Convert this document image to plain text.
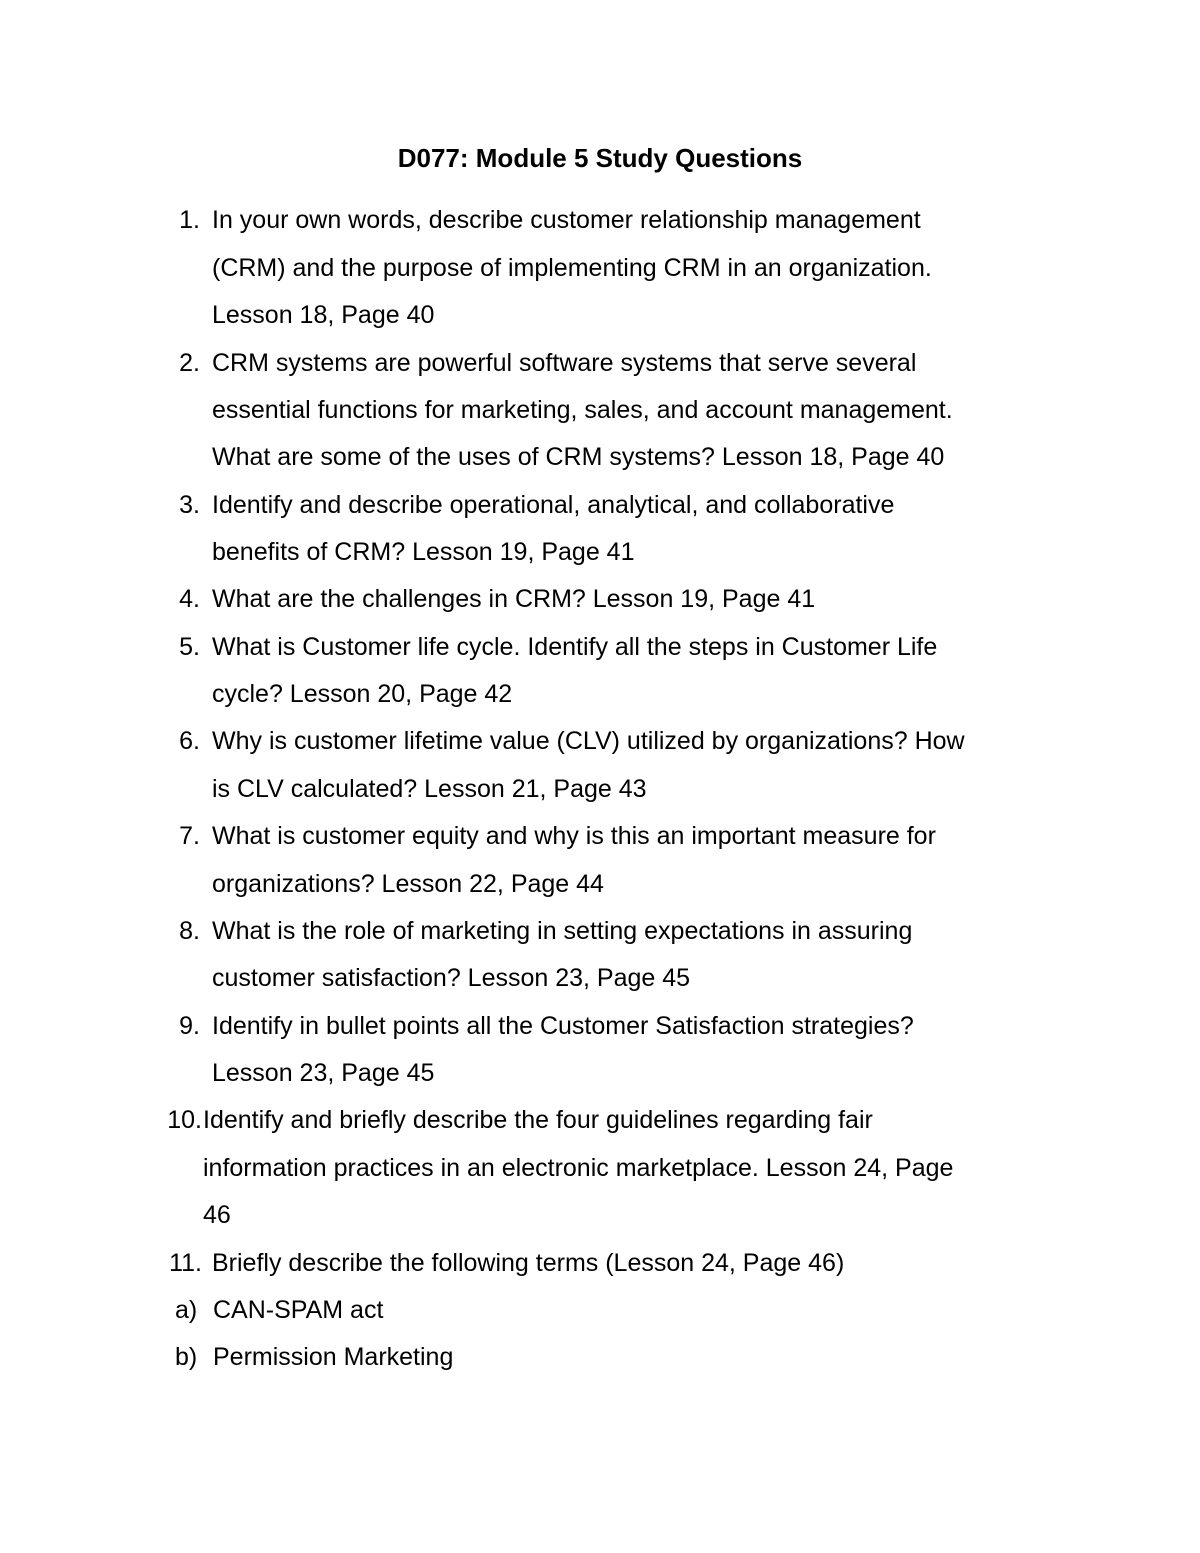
D077: Module 5 Study Questions
1. In your own words, describe customer relationship management
(CRM) and the purpose of implementing CRM in an organization.
Lesson 18, Page 40
2. CRM systems are powerful software systems that serve several
essential functions for marketing, sales, and account management.
What are some of the uses of CRM systems? Lesson 18, Page 40
3. Identify and describe operational, analytical, and collaborative
benefits of CRM? Lesson 19, Page 41
4. What are the challenges in CRM? Lesson 19, Page 41
5. What is Customer life cycle. Identify all the steps in Customer Life
cycle? Lesson 20, Page 42
6. Why is customer lifetime value (CLV) utilized by organizations? How
is CLV calculated? Lesson 21, Page 43
7. What is customer equity and why is this an important measure for
organizations? Lesson 22, Page 44
8. What is the role of marketing in setting expectations in assuring
customer satisfaction? Lesson 23, Page 45
9. Identify in bullet points all the Customer Satisfaction strategies?
Lesson 23, Page 45
10. Identify and briefly describe the four guidelines regarding fair
information practices in an electronic marketplace. Lesson 24, Page
46
11. Briefly describe the following terms (Lesson 24, Page 46)
a) CAN-SPAM act
b) Permission Marketing
